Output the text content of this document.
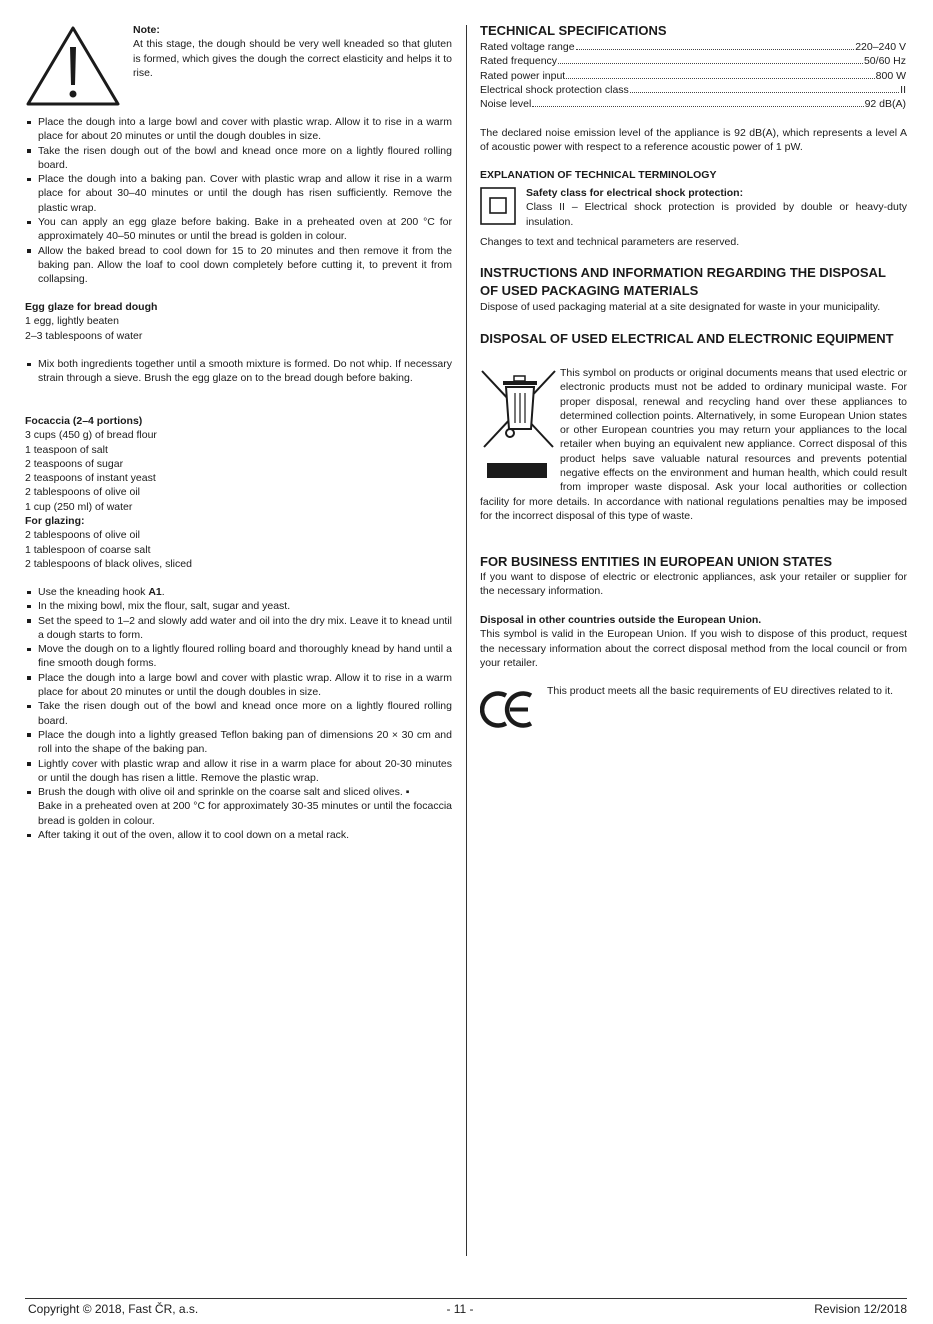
Note:

At this stage, the dough should be very well kneaded so that gluten is formed, which gives the dough the correct elasticity and helps it to rise.

Place the dough into a large bowl and cover with plastic wrap. Allow it to rise in a warm place for about 20 minutes or until the dough doubles in size.
Take the risen dough out of the bowl and knead once more on a lightly floured rolling board.
Place the dough into a baking pan. Cover with plastic wrap and allow it rise in a warm place for about 30–40 minutes or until the dough has risen sufficiently. Remove the plastic wrap.
You can apply an egg glaze before baking. Bake in a preheated oven at 200 °C for approximately 40–50 minutes or until the bread is golden in colour.
Allow the baked bread to cool down for 15 to 20 minutes and then remove it from the baking pan. Allow the loaf to cool down completely before cutting it, to prevent it from collapsing.

Egg glaze for bread dough

1 egg, lightly beaten

2–3 tablespoons of water

Mix both ingredients together until a smooth mixture is formed. Do not whip. If necessary strain through a sieve. Brush the egg glaze on to the bread dough before baking.

Focaccia (2–4 portions)

3 cups (450 g) of bread flour

1 teaspoon of salt

2 teaspoons of sugar

2 teaspoons of instant yeast

2 tablespoons of olive oil

1 cup (250 ml) of water

For glazing:

2 tablespoons of olive oil

1 tablespoon of coarse salt

2 tablespoons of black olives, sliced

Use the kneading hook A1.
In the mixing bowl, mix the flour, salt, sugar and yeast.
Set the speed to 1–2 and slowly add water and oil into the dry mix. Leave it to knead until a dough starts to form.
Move the dough on to a lightly floured rolling board and thoroughly knead by hand until a fine smooth dough forms.
Place the dough into a large bowl and cover with plastic wrap. Allow it to rise in a warm place for about 20 minutes or until the dough doubles in size.
Take the risen dough out of the bowl and knead once more on a lightly floured rolling board.
Place the dough into a lightly greased Teflon baking pan of dimensions 20 × 30 cm and roll into the shape of the baking pan.
Lightly cover with plastic wrap and allow it rise in a warm place for about 20-30 minutes or until the dough has risen a little. Remove the plastic wrap.
Brush the dough with olive oil and sprinkle on the coarse salt and sliced olives. ▪
Bake in a preheated oven at 200 °C for approximately 30-35 minutes or until the focaccia bread is golden in colour.
After taking it out of the oven, allow it to cool down on a metal rack.
TECHNICAL SPECIFICATIONS
Rated voltage range	220–240 V
Rated frequency	50/60 Hz
Rated power input	800 W
Electrical shock protection class	II
Noise level	92 dB(A)

The declared noise emission level of the appliance is 92 dB(A), which represents a level A of acoustic power with respect to a reference acoustic power of 1 pW.

EXPLANATION OF TECHNICAL TERMINOLOGY

Safety class for electrical shock protection:

Class II – Electrical shock protection is provided by double or heavy-duty insulation.

Changes to text and technical parameters are reserved.

INSTRUCTIONS AND INFORMATION REGARDING THE DISPOSAL OF USED PACKAGING MATERIALS

Dispose of used packaging material at a site designated for waste in your municipality.

DISPOSAL OF USED ELECTRICAL AND ELECTRONIC EQUIPMENT

This symbol on products or original documents means that used electric or electronic products must not be added to ordinary municipal waste. For proper disposal, renewal and recycling hand over these appliances to determined collection points. Alternatively, in some European Union states or other European countries you may return your appliances to the local retailer when buying an equivalent new appliance. Correct disposal of this product helps save valuable natural resources and prevents potential negative effects on the environment and human health, which could result from improper waste disposal. Ask your local authorities or collection facility for more details. In accordance with national regulations penalties may be imposed for the incorrect disposal of this type of waste.

FOR BUSINESS ENTITIES IN EUROPEAN UNION STATES

If you want to dispose of electric or electronic appliances, ask your retailer or supplier for the necessary information.

Disposal in other countries outside the European Union.

This symbol is valid in the European Union. If you wish to dispose of this product, request the necessary information about the correct disposal method from the local council or from your retailer.

This product meets all the basic requirements of EU directives related to it.

Copyright © 2018, Fast ČR, a.s.	- 11 -	Revision 12/2018
